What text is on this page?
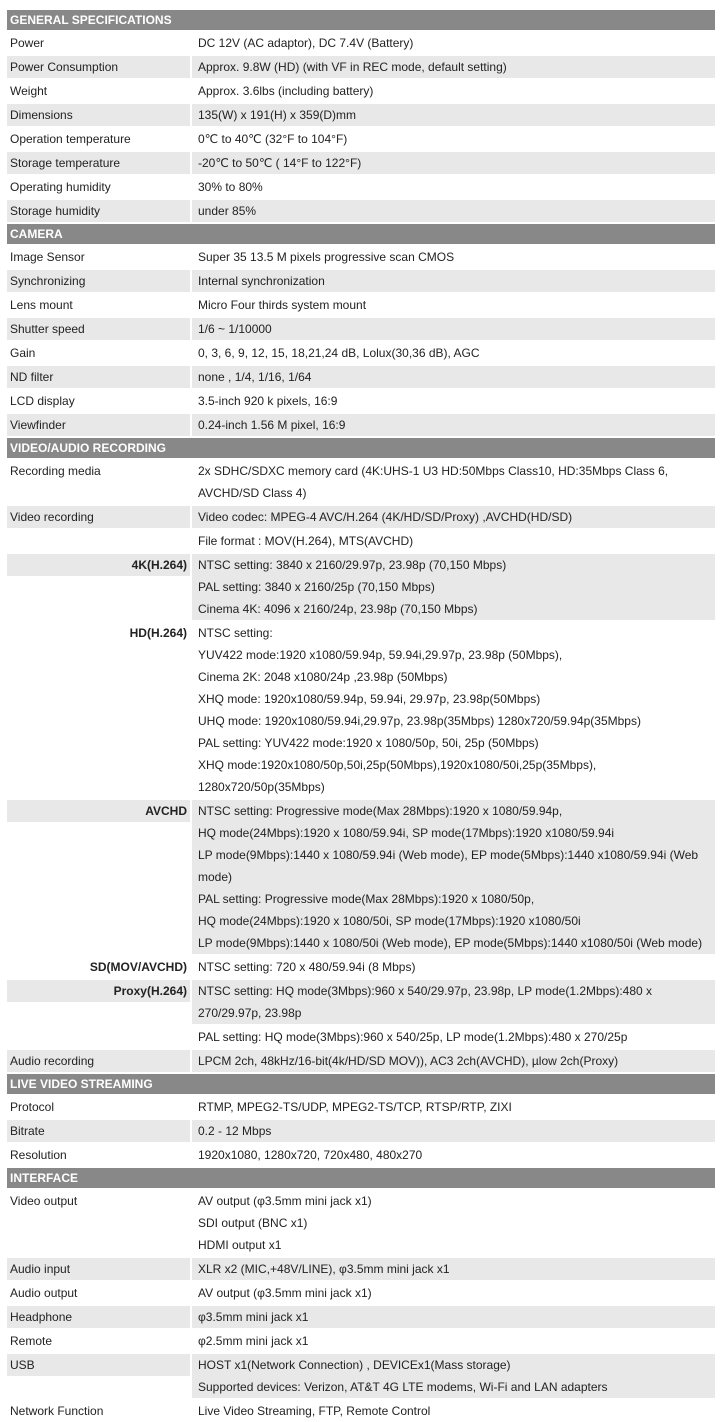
GENERAL SPECIFICATIONS
Power	DC 12V (AC adaptor), DC 7.4V (Battery)
Power Consumption	Approx. 9.8W (HD) (with VF in REC mode, default setting)
Weight	Approx. 3.6lbs (including battery)
Dimensions	135(W) x 191(H) x 359(D)mm
Operation temperature	0℃ to 40℃ (32°F to 104°F)
Storage temperature	-20℃ to 50℃ ( 14°F to 122°F)
Operating humidity	30% to 80%
Storage humidity	under 85%
CAMERA
Image Sensor	Super 35 13.5 M pixels progressive scan CMOS
Synchronizing	Internal synchronization
Lens mount	Micro Four thirds system mount
Shutter speed	1/6 ~ 1/10000
Gain	0, 3, 6, 9, 12, 15, 18,21,24 dB, Lolux(30,36 dB), AGC
ND filter	none , 1/4, 1/16, 1/64
LCD display	3.5-inch 920 k pixels, 16:9
Viewfinder	0.24-inch 1.56 M pixel, 16:9
VIDEO/AUDIO RECORDING
Recording media	2x SDHC/SDXC memory card (4K:UHS-1 U3 HD:50Mbps Class10, HD:35Mbps Class 6,
AVCHD/SD Class 4)
Video recording	Video codec: MPEG-4 AVC/H.264 (4K/HD/SD/Proxy) ,AVCHD(HD/SD)
File format : MOV(H.264), MTS(AVCHD)
4K(H.264) NTSC setting: 3840 x 2160/29.97p, 23.98p (70,150 Mbps)
PAL setting: 3840 x 2160/25p (70,150 Mbps)
Cinema 4K: 4096 x 2160/24p, 23.98p (70,150 Mbps)
HD(H.264) NTSC setting:
YUV422 mode:1920 x1080/59.94p, 59.94i,29.97p, 23.98p (50Mbps),
Cinema 2K: 2048 x1080/24p ,23.98p (50Mbps)
XHQ mode: 1920x1080/59.94p, 59.94i, 29.97p, 23.98p(50Mbps)
UHQ mode: 1920x1080/59.94i,29.97p, 23.98p(35Mbps) 1280x720/59.94p(35Mbps)
PAL setting: YUV422 mode:1920 x 1080/50p, 50i, 25p (50Mbps)
XHQ mode:1920x1080/50p,50i,25p(50Mbps),1920x1080/50i,25p(35Mbps),
1280x720/50p(35Mbps)
AVCHD NTSC setting: Progressive mode(Max 28Mbps):1920 x 1080/59.94p,
HQ mode(24Mbps):1920 x 1080/59.94i, SP mode(17Mbps):1920 x1080/59.94i
LP mode(9Mbps):1440 x 1080/59.94i (Web mode), EP mode(5Mbps):1440 x1080/59.94i (Web
mode)
PAL setting: Progressive mode(Max 28Mbps):1920 x 1080/50p,
HQ mode(24Mbps):1920 x 1080/50i, SP mode(17Mbps):1920 x1080/50i
LP mode(9Mbps):1440 x 1080/50i (Web mode), EP mode(5Mbps):1440 x1080/50i (Web mode)
SD(MOV/AVCHD) NTSC setting: 720 x 480/59.94i (8 Mbps)
Proxy(H.264) NTSC setting: HQ mode(3Mbps):960 x 540/29.97p, 23.98p, LP mode(1.2Mbps):480 x
270/29.97p, 23.98p
PAL setting: HQ mode(3Mbps):960 x 540/25p, LP mode(1.2Mbps):480 x 270/25p
Audio recording	LPCM 2ch, 48kHz/16-bit(4k/HD/SD MOV)), AC3 2ch(AVCHD), µlow 2ch(Proxy)
LIVE VIDEO STREAMING
Protocol	RTMP, MPEG2-TS/UDP, MPEG2-TS/TCP, RTSP/RTP, ZIXI
Bitrate	0.2 - 12 Mbps
Resolution	1920x1080, 1280x720, 720x480, 480x270
INTERFACE
Video output	AV output (φ3.5mm mini jack x1)
SDI output (BNC x1)
HDMI output x1
Audio input	XLR x2 (MIC,+48V/LINE), φ3.5mm mini jack x1
Audio output	AV output (φ3.5mm mini jack x1)
Headphone	φ3.5mm mini jack x1
Remote	φ2.5mm mini jack x1
USB	HOST x1(Network Connection) , DEVICEx1(Mass storage)
Supported devices: Verizon, AT&T 4G LTE modems, Wi-Fi and LAN adapters
Network Function	Live Video Streaming, FTP, Remote Control
